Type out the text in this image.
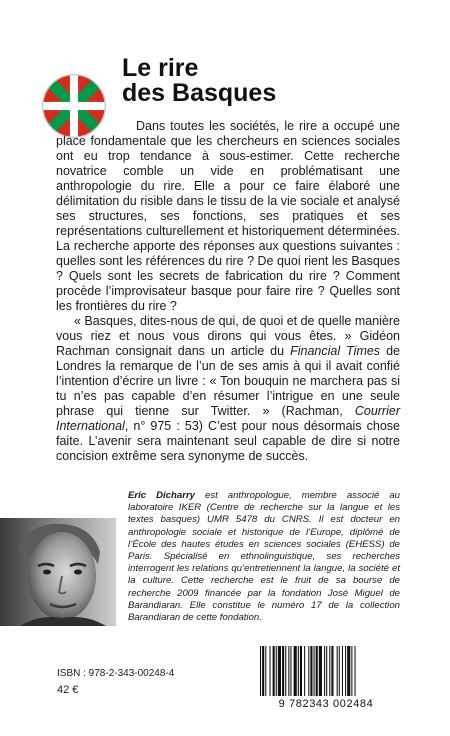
Le rire
des Basques

Dans toutes les sociétés, le rire a occupé une place fondamentale que les chercheurs en sciences sociales ont eu trop tendance à sous-estimer. Cette recherche novatrice comble un vide en problématisant une anthropologie du rire. Elle a pour ce faire élaboré une délimitation du risible dans le tissu de la vie sociale et analysé ses structures, ses fonctions, ses pratiques et ses représentations culturellement et historiquement déterminées. La recherche apporte des réponses aux questions suivantes : quelles sont les références du rire ? De quoi rient les Basques ? Quels sont les secrets de fabrication du rire ? Comment procède l’improvisateur basque pour faire rire ? Quelles sont les frontières du rire ?

« Basques, dites-nous de qui, de quoi et de quelle manière vous riez et nous vous dirons qui vous êtes. » Gidéon Rachman consignait dans un article du Financial Times de Londres la remarque de l’un de ses amis à qui il avait confié l’intention d’écrire un livre : « Ton bouquin ne marchera pas si tu n’es pas capable d’en résumer l’intrigue en une seule phrase qui tienne sur Twitter. » (Rachman, Courrier International, n° 975 : 53) C’est pour nous désormais chose faite. L’avenir sera maintenant seul capable de dire si notre concision extrême sera synonyme de succès.

Eric Dicharry est anthropologue, membre associé au laboratoire IKER (Centre de recherche sur la langue et les textes basques) UMR 5478 du CNRS. Il est docteur en anthropologie sociale et historique de l’Europe, diplômé de l’École des hautes études en sciences sociales (EHESS) de Paris. Spécialisé en ethnolinguistique, ses recherches interrogent les relations qu’entretiennent la langue, la société et la culture. Cette recherche est le fruit de sa bourse de recherche 2009 financée par la fondation José Miguel de Barandiaran. Elle constitue le numéro 17 de la collection Barandiaran de cette fondation.

ISBN : 978-2-343-00248-4
42 €
9 782343 002484
